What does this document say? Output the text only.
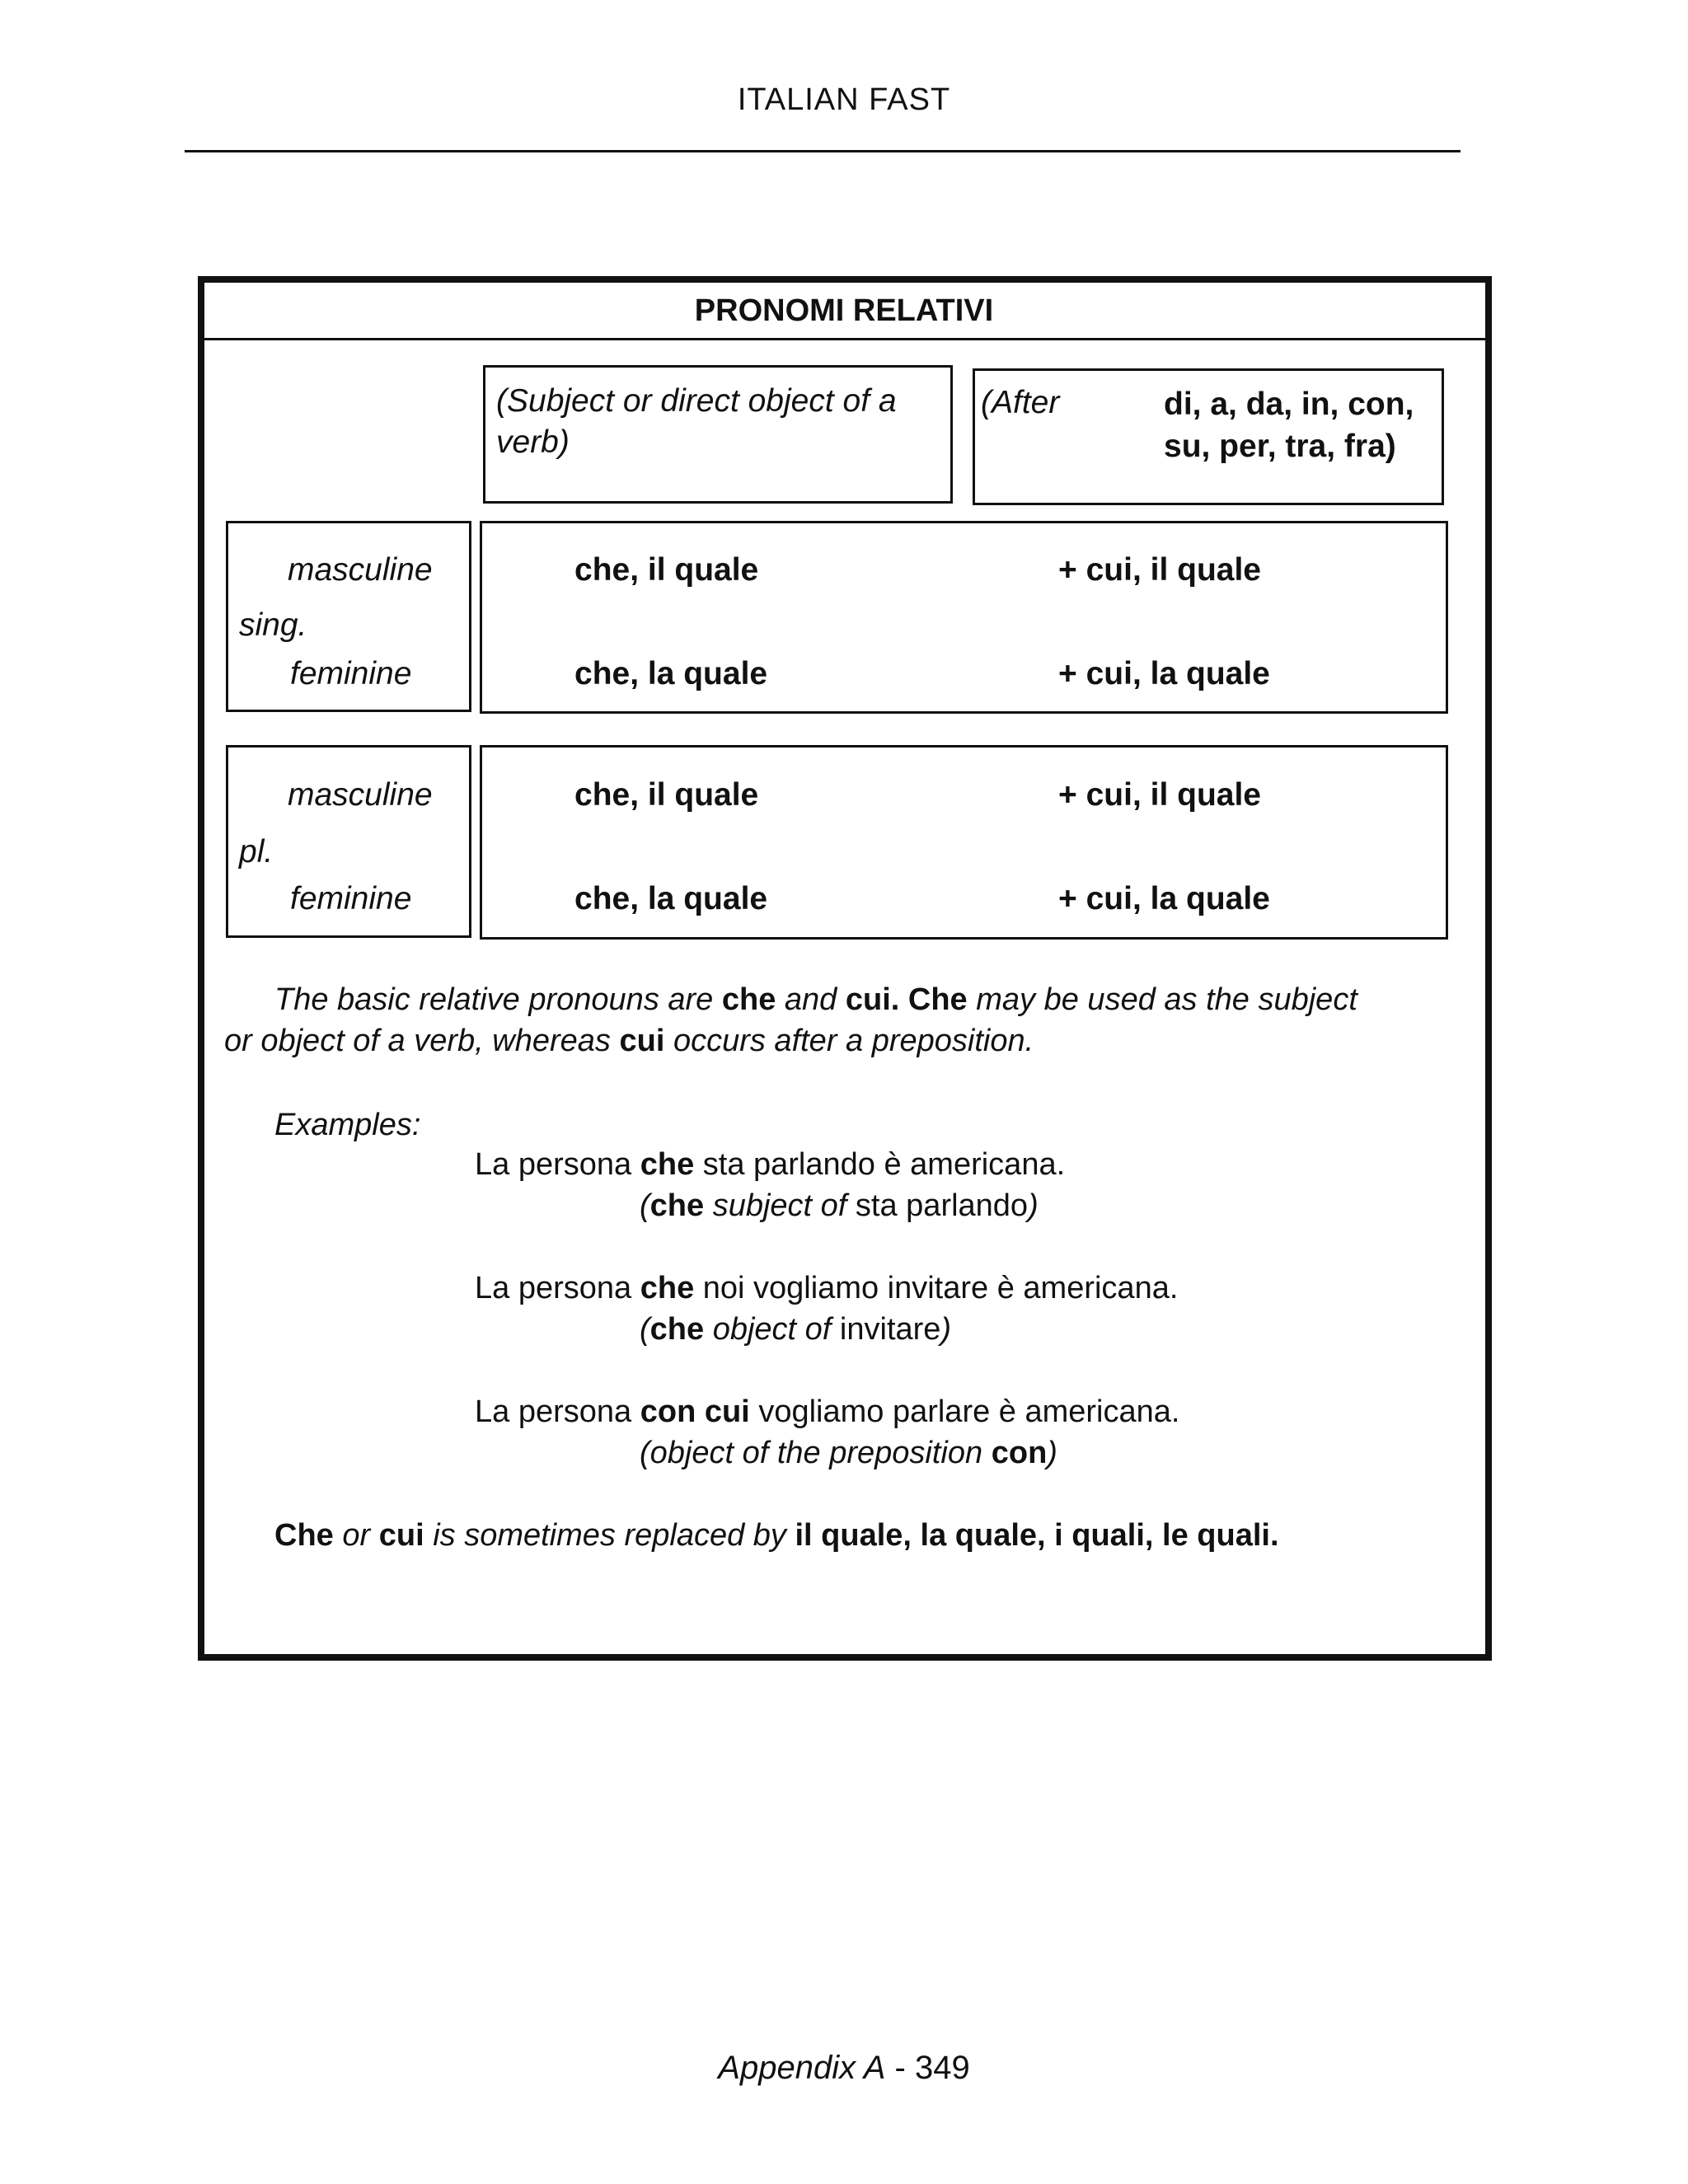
ITALIAN FAST
PRONOMI RELATIVI
(Subject or direct object of a
verb)
(After	di, a, da, in, con,
su, per, tra, fra)
masculine
sing.
feminine
che, il quale
che, la quale
+ cui, il quale
+ cui, la quale
masculine
pl.
feminine
che, il quale
che, la quale
+ cui, il quale
+ cui, la quale
The basic relative pronouns are che and cui. Che may be used as the subject
or object of a verb, whereas cui occurs after a preposition.
Examples:
La persona che sta parlando è americana.
(che subject of sta parlando)
La persona che noi vogliamo invitare è americana.
(che object of invitare)
La persona con cui vogliamo parlare è americana.
(object of the preposition con)
Che or cui is sometimes replaced by il quale, la quale, i quali, le quali.
Appendix A - 349
